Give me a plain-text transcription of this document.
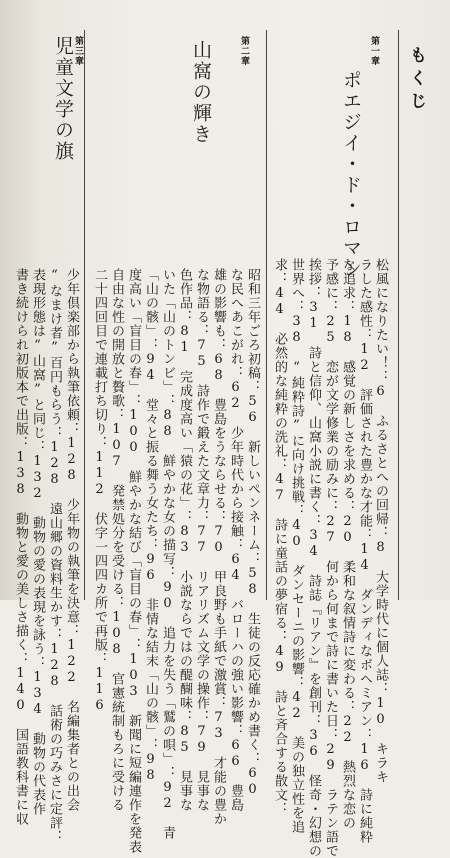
もくじ
第一章
ポエジイ・ド・ロマン
松風になりたい！：6　ふるさとへの回帰：8　大学時代に個人誌：10　キラキ
ラした感性：12　評価された豊かな才能：14　ダンディなボヘミアン：16　詩に純粋
な追求：18　感覚の新しさを求める：20　柔和な叙情詩に変わる：22　熱烈な恋の
予感に：25　恋が文学修業の励みに：27　何から何まで詩に書いた日：29　ラテン語で
挨拶：31　詩と信仰、山窩小説に書く：34　詩誌『リアン』を創刊：36　怪奇・幻想の
世界へ：38　“純粋詩”に向け挑戦：40　ダンセーニの影響：42　美の独立性を追
求：44　必然的な純粋の洗礼：47　詩に童話の夢宿る：49　詩と斉合する散文：
第二章
山窩の輝き
昭和三年ごろ初稿：56　新しいペンネーム：58　生徒の反応確かめ書く：60
な民へあこがれ：62　少年時代から接触：64　バローハの強い影響：66　豊島
雄の影響も：68　豊島をうならせる：70　甲良野も手紙で激賞：73　才能の豊か
な物語る：75　詩作で鍛えた文章力：77　リアリズム文学の操作：79　見事な
色作品：81　完成度高い「猿の花」：83　小説ならではの醍醐味：85　見事な
いた「山のトンビ」：88　鮮やかな女の描写：90　追力を失う「鷲の唄」：92　青
「山の骸」：94　堂々と振る舞う女たち：96　非情な結末「山の骸」：98
度高い「盲目の春」：100　鮮やかな結び「盲目の春」：103　新聞に短編連作を発表
自由な性の開放と贅歌：107　発禁処分を受ける：108　官憲統制もろに受ける
二十四回目で連載打ち切り：112　伏字一四四カ所で再版：116
第三章
児童文学の旗
少年倶楽部から執筆依頼：128　少年物の執筆を決意：122　名編集者との出会
“なまけ者”百円もらう：128　遠山郷の資料生かす：128　話術の巧みさに定評：
表現形態は“山窩”と同じ：132　動物の愛の表現を詠う：134　動物の代表作
書き続けられ初版本で出版：138　動物と愛の美しさ描く：140　国語教科書に収
